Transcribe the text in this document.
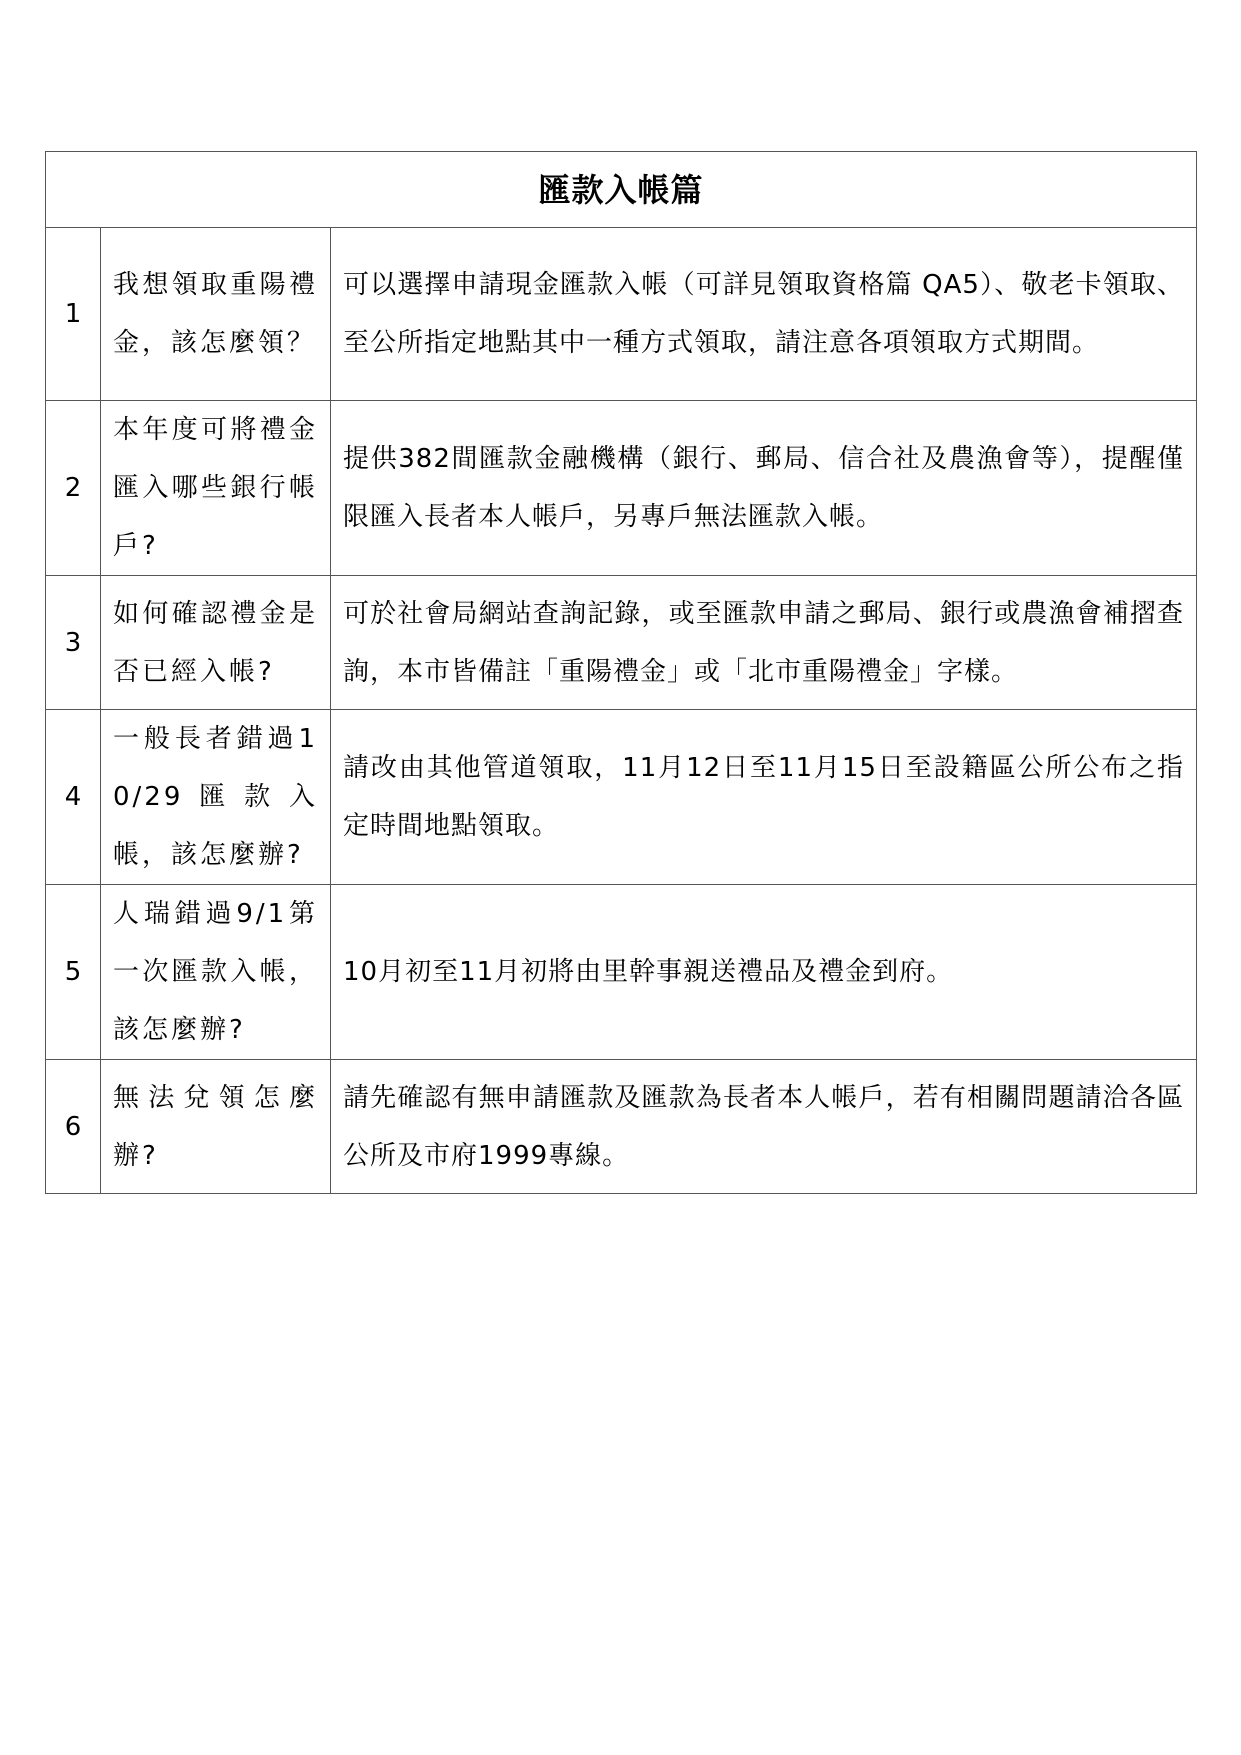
匯款入帳篇		
1	我想領取重陽禮金，該怎麼領？	可以選擇申請現金匯款入帳（可詳見領取資格篇 QA5）、敬老卡領取、至公所指定地點其中一種方式領取，請注意各項領取方式期間。
2	本年度可將禮金匯入哪些銀行帳戶?	提供382間匯款金融機構（銀行、郵局、信合社及農漁會等），提醒僅限匯入長者本人帳戶，另專戶無法匯款入帳。
3	如何確認禮金是否已經入帳?	可於社會局網站查詢記錄，或至匯款申請之郵局、銀行或農漁會補摺查詢，本市皆備註「重陽禮金」或「北市重陽禮金」字樣。
4	一般長者錯過10/29匯款入帳，該怎麼辦?	請改由其他管道領取，11月12日至11月15日至設籍區公所公布之指定時間地點領取。
5	人瑞錯過9/1第一次匯款入帳，該怎麼辦?	10月初至11月初將由里幹事親送禮品及禮金到府。
6	無法兌領怎麼辦?	請先確認有無申請匯款及匯款為長者本人帳戶，若有相關問題請洽各區公所及市府1999專線。
